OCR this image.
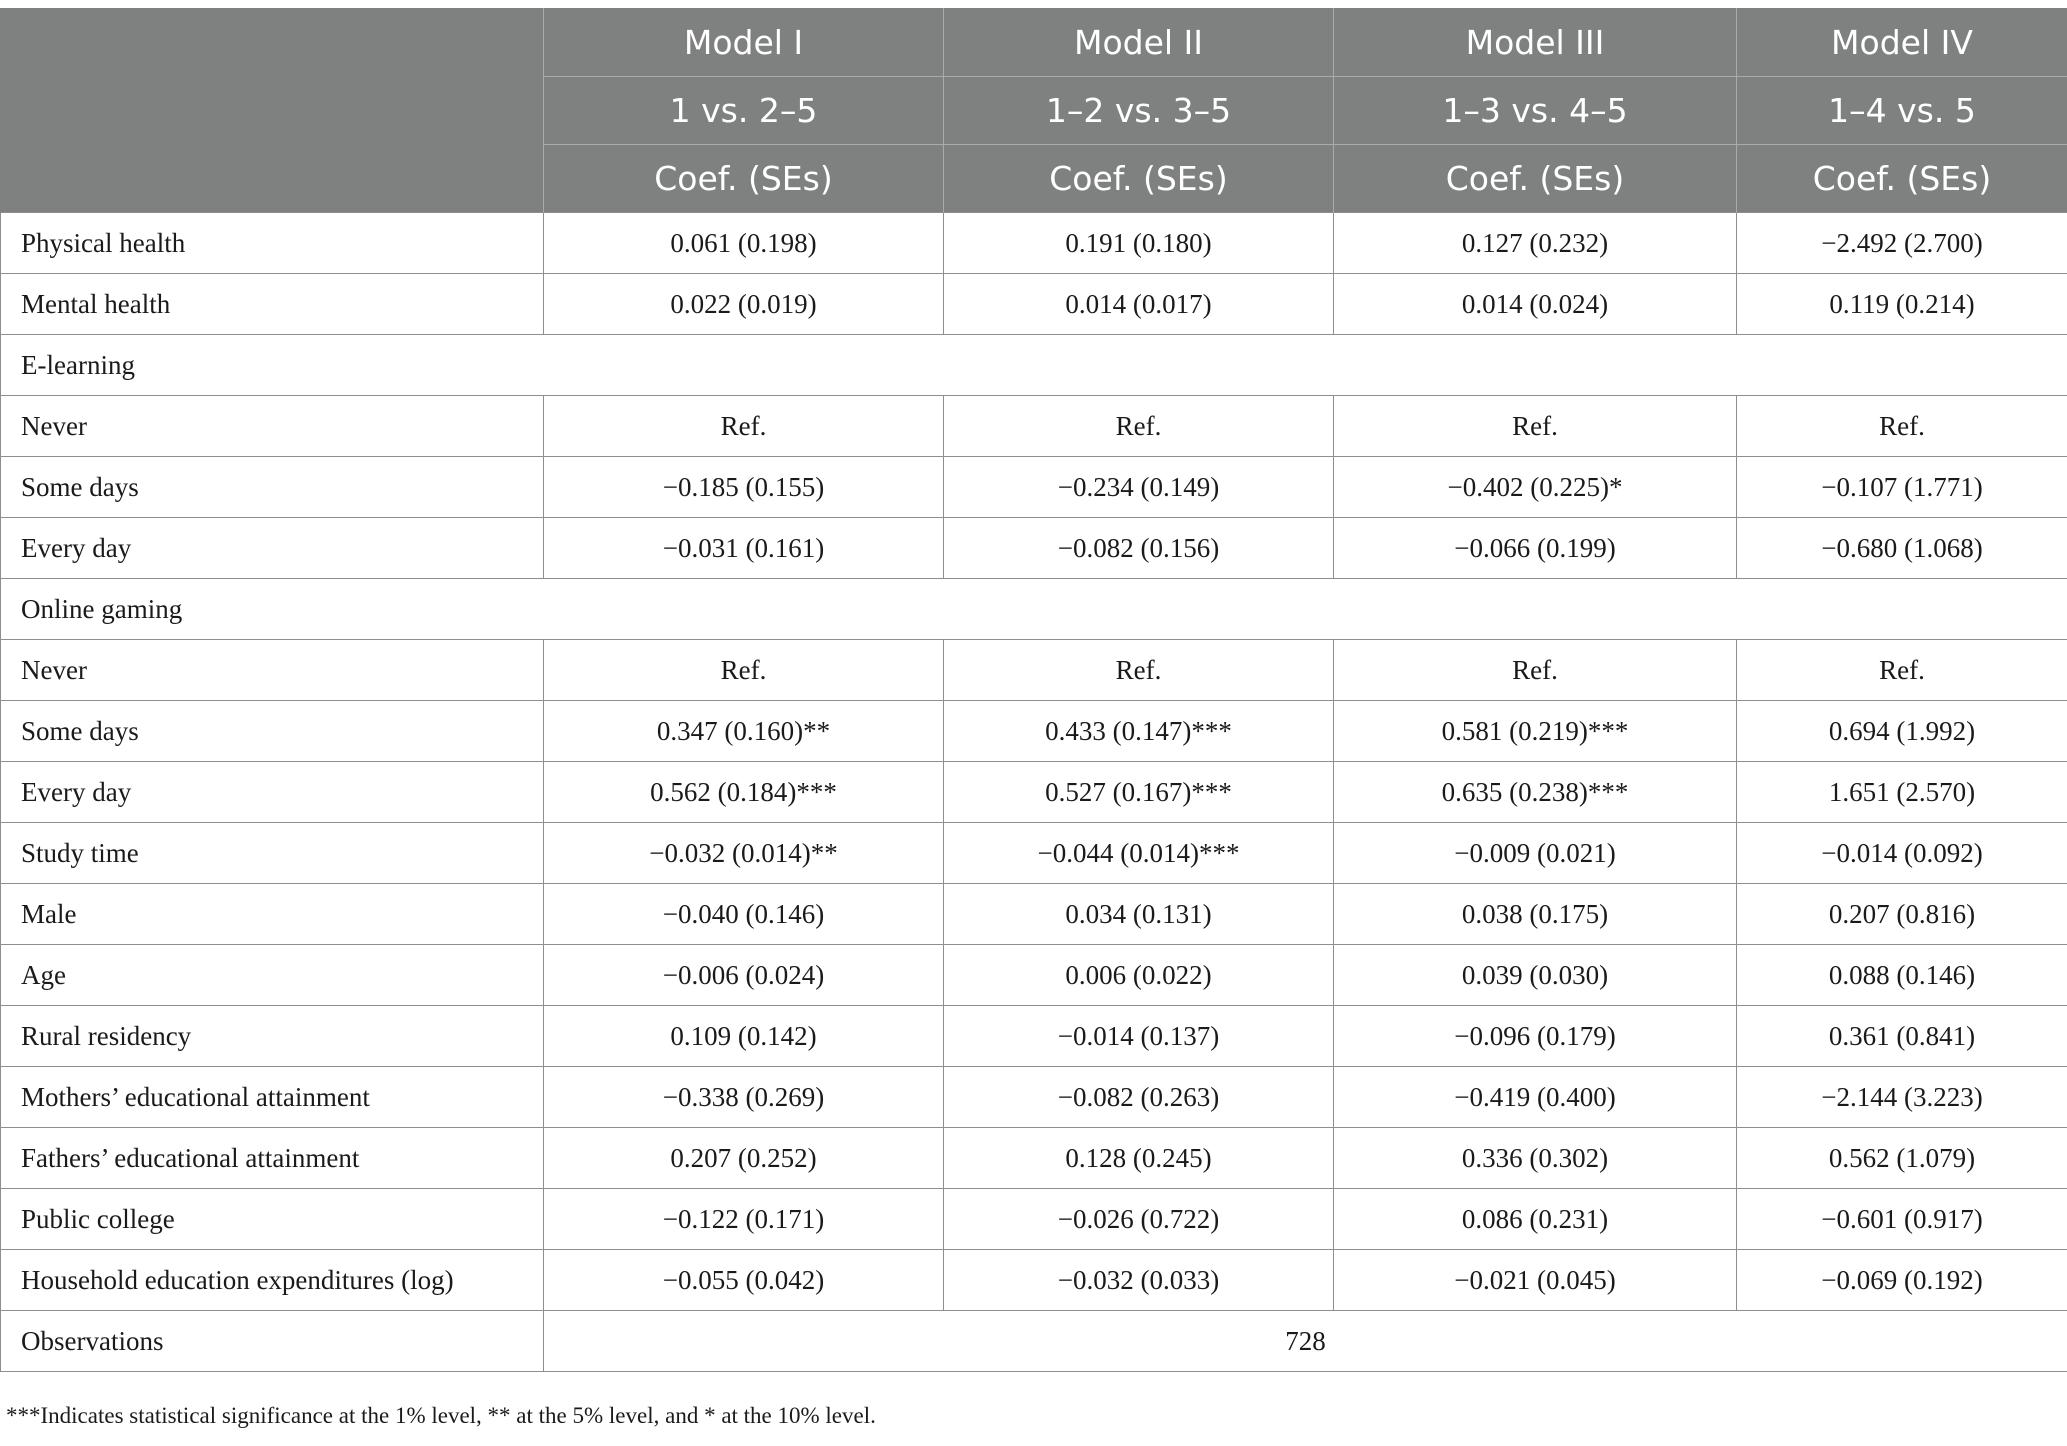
	Model I	Model II	Model III	Model IV
	1 vs. 2–5	1–2 vs. 3–5	1–3 vs. 4–5	1–4 vs. 5
	Coef. (SEs)	Coef. (SEs)	Coef. (SEs)	Coef. (SEs)
Physical health	0.061 (0.198)	0.191 (0.180)	0.127 (0.232)	−2.492 (2.700)
Mental health	0.022 (0.019)	0.014 (0.017)	0.014 (0.024)	0.119 (0.214)
E-learning				
Never	Ref.	Ref.	Ref.	Ref.
Some days	−0.185 (0.155)	−0.234 (0.149)	−0.402 (0.225)*	−0.107 (1.771)
Every day	−0.031 (0.161)	−0.082 (0.156)	−0.066 (0.199)	−0.680 (1.068)
Online gaming				
Never	Ref.	Ref.	Ref.	Ref.
Some days	0.347 (0.160)**	0.433 (0.147)***	0.581 (0.219)***	0.694 (1.992)
Every day	0.562 (0.184)***	0.527 (0.167)***	0.635 (0.238)***	1.651 (2.570)
Study time	−0.032 (0.014)**	−0.044 (0.014)***	−0.009 (0.021)	−0.014 (0.092)
Male	−0.040 (0.146)	0.034 (0.131)	0.038 (0.175)	0.207 (0.816)
Age	−0.006 (0.024)	0.006 (0.022)	0.039 (0.030)	0.088 (0.146)
Rural residency	0.109 (0.142)	−0.014 (0.137)	−0.096 (0.179)	0.361 (0.841)
Mothers’ educational attainment	−0.338 (0.269)	−0.082 (0.263)	−0.419 (0.400)	−2.144 (3.223)
Fathers’ educational attainment	0.207 (0.252)	0.128 (0.245)	0.336 (0.302)	0.562 (1.079)
Public college	−0.122 (0.171)	−0.026 (0.722)	0.086 (0.231)	−0.601 (0.917)
Household education expenditures (log)	−0.055 (0.042)	−0.032 (0.033)	−0.021 (0.045)	−0.069 (0.192)
Observations	728			
***Indicates statistical significance at the 1% level, ** at the 5% level, and * at the 10% level.
